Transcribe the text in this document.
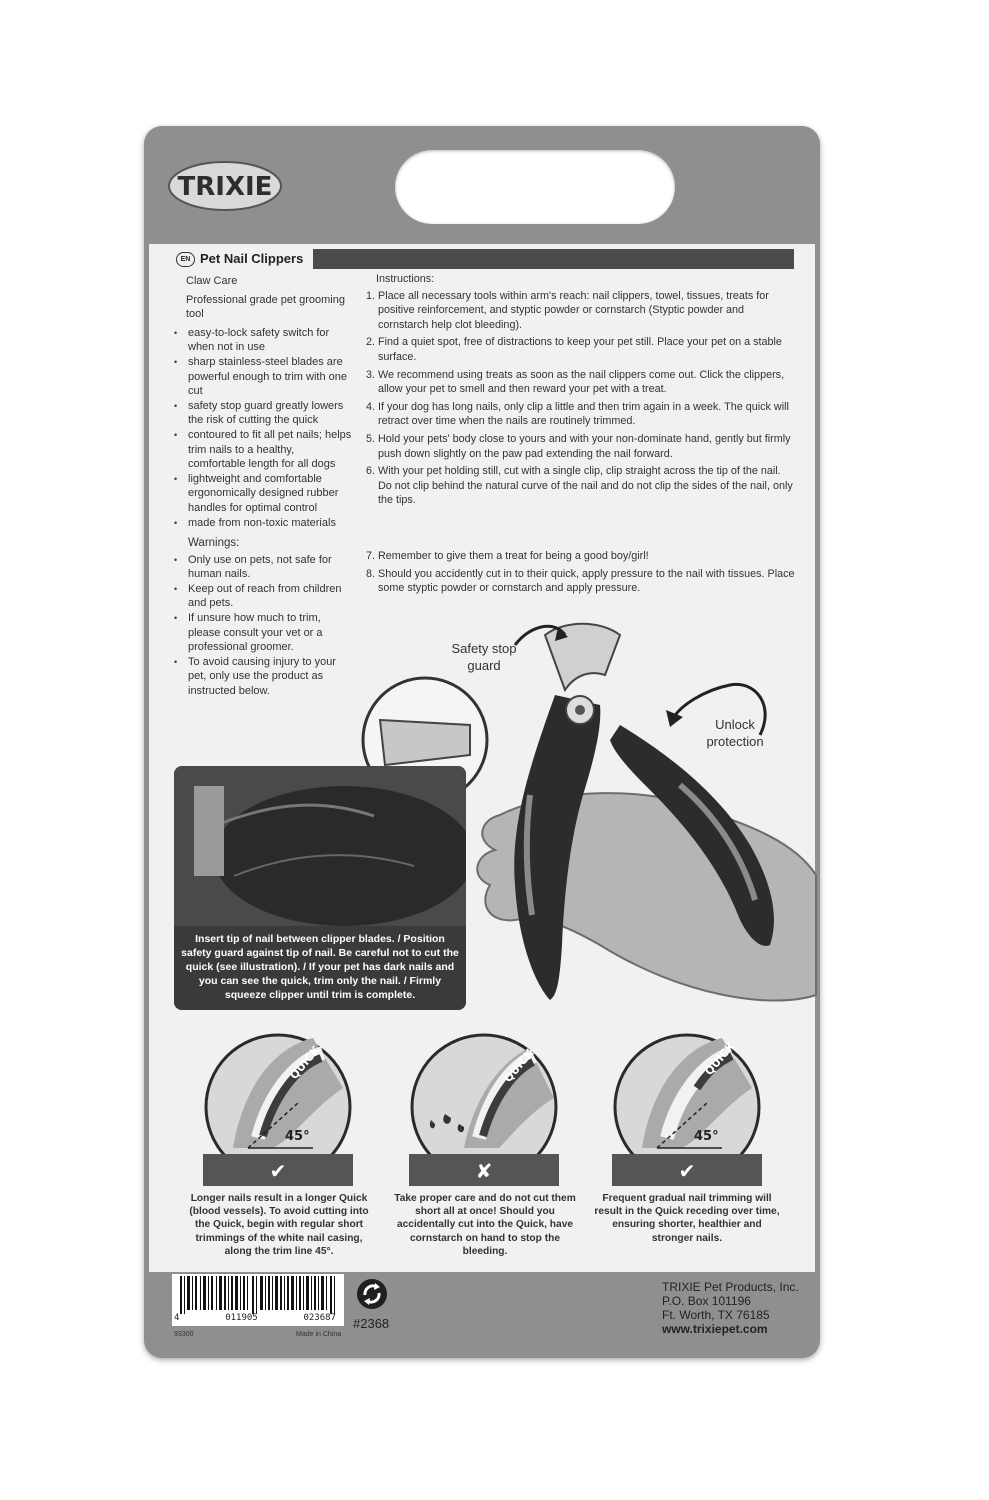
TRIXIE
EN Pet Nail Clippers

Claw Care

Professional grade pet grooming tool

• easy-to-lock safety switch for when not in use
• sharp stainless-steel blades are powerful enough to trim with one cut
• safety stop guard greatly lowers the risk of cutting the quick
• contoured to fit all pet nails; helps trim nails to a healthy, comfortable length for all dogs
• lightweight and comfortable ergonomically designed rubber handles for optimal control
• made from non-toxic materials

Warnings:

• Only use on pets, not safe for human nails.
• Keep out of reach from children and pets.
• If unsure how much to trim, please consult your vet or a professional groomer.
• To avoid causing injury to your pet, only use the product as instructed below.
Instructions:
1. Place all necessary tools within arm's reach: nail clippers, towel, tissues, treats for positive reinforcement, and styptic powder or cornstarch (Styptic powder and cornstarch help clot bleeding).
2. Find a quiet spot, free of distractions to keep your pet still. Place your pet on a stable surface.
3. We recommend using treats as soon as the nail clippers come out. Click the clippers, allow your pet to smell and then reward your pet with a treat.
4. If your dog has long nails, only clip a little and then trim again in a week. The quick will retract over time when the nails are routinely trimmed.
5. Hold your pets' body close to yours and with your non-dominate hand, gently but firmly push down slightly on the paw pad extending the nail forward.
6. With your pet holding still, cut with a single clip, clip straight across the tip of the nail. Do not clip behind the natural curve of the nail and do not clip the sides of the nail, only the tips.
7. Remember to give them a treat for being a good boy/girl!
8. Should you accidently cut in to their quick, apply pressure to the nail with tissues. Place some styptic powder or cornstarch and apply pressure.
Safety stop guard
Unlock protection
Insert tip of nail between clipper blades. / Position safety guard against tip of nail. Be careful not to cut the quick (see illustration). / If your pet has dark nails and you can see the quick, trim only the nail. / Firmly squeeze clipper until trim is complete.
QUICK
45°
✔
QUICK
✘
QUICK
45°
✔
Longer nails result in a longer Quick (blood vessels). To avoid cutting into the Quick, begin with regular short trimmings of the white nail casing, along the trim line 45°.
Take proper care and do not cut them short all at once! Should you accidentally cut into the Quick, have cornstarch on hand to stop the bleeding.
Frequent gradual nail trimming will result in the Quick receding over time, ensuring shorter, healthier and stronger nails.
4	011905	023687
93300	Made in China
#2368
TRIXIE Pet Products, Inc.
P.O. Box 101196
Ft. Worth, TX 76185
www.trixiepet.com
